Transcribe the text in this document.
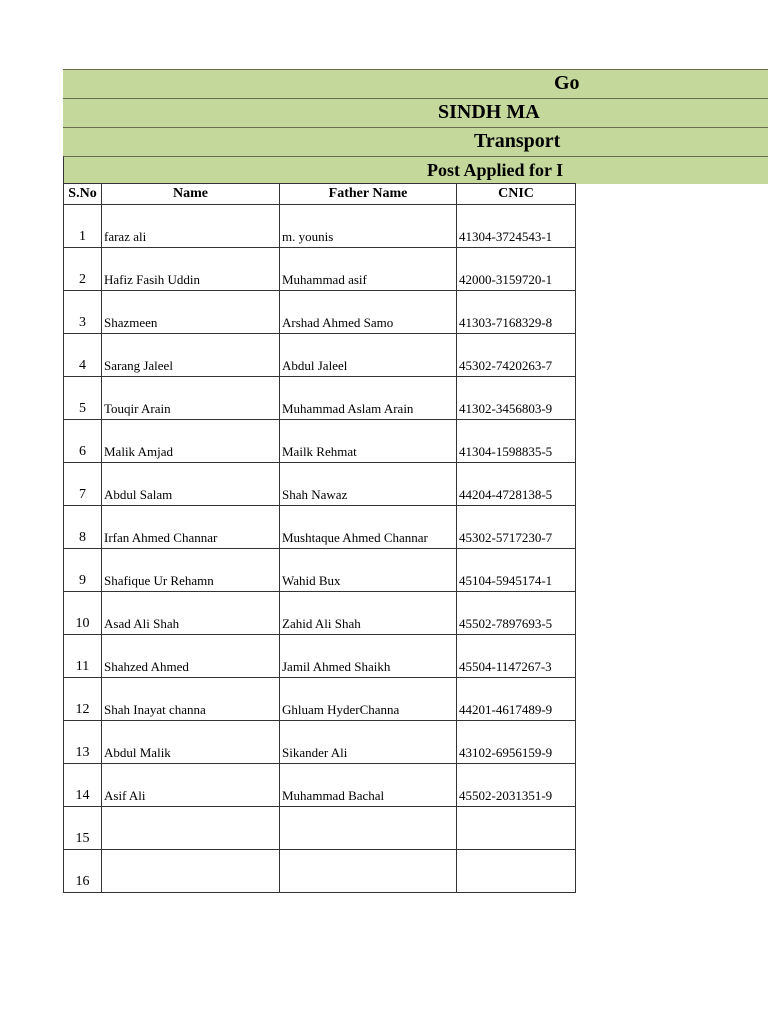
Go
SINDH MA
Transport
Post Applied for I
S.No	Name	Father Name	CNIC
1	faraz ali	m. younis	41304-3724543-1
2	Hafiz Fasih Uddin	Muhammad asif	42000-3159720-1
3	Shazmeen	Arshad Ahmed Samo	41303-7168329-8
4	Sarang Jaleel	Abdul Jaleel	45302-7420263-7
5	Touqir Arain	Muhammad Aslam Arain	41302-3456803-9
6	Malik Amjad	Mailk Rehmat	41304-1598835-5
7	Abdul Salam	Shah Nawaz	44204-4728138-5
8	Irfan Ahmed Channar	Mushtaque Ahmed Channar	45302-5717230-7
9	Shafique Ur Rehamn	Wahid Bux	45104-5945174-1
10	Asad Ali Shah	Zahid Ali Shah	45502-7897693-5
11	Shahzed Ahmed	Jamil Ahmed Shaikh	45504-1147267-3
12	Shah Inayat channa	Ghluam HyderChanna	44201-4617489-9
13	Abdul Malik	Sikander Ali	43102-6956159-9
14	Asif Ali	Muhammad Bachal	45502-2031351-9
15			
16			
